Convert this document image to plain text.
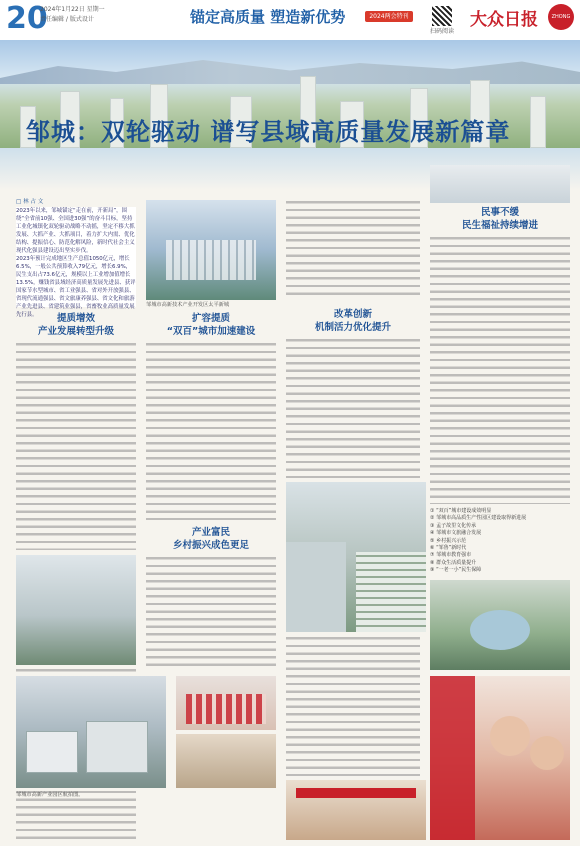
20
2024年1月22日 星期一
责任编辑 / 版式设计	锚定高质量 塑造新优势	2024两会特刊
扫码阅读
大众日报	ZHONG
邹城：双轮驱动 谱写县域高质量发展新篇章
□ 林 占 文
2023年以来，邹城锚定“走在前，开新局”，围绕“全省前10强、全国进30强”的奋斗目标，坚持工业化城镇化双轮驱动战略不动摇，坚定不移大抓发展、大抓产业、大抓项目，着力扩大内需、优化结构、提振信心、防范化解风险，新时代社会主义现代化强县建设迈出坚实步伐。
2023年预计完成地区生产总值1050亿元，增长6.5%，一般公共预算收入79亿元，增长6.9%，民生支出占73.6亿元，规模以上工业增加值增长13.5%，赚钱省县域经济高质量发展先进县、获评国家节水型城市、省工业强县、省对外开放强县、省现代流通强县、省文旅康养强县、省文化和旅游产业先进县、省建筑业强县，省畜牧业高质量发展先行县。	提质增效
产业发展转型升级
邹城市高新技术产业开发区太平新城
扩容提质
“双百”城市加速建设
产业富民
乡村振兴成色更足
改革创新
机制活力优化提升
民事不缓
民生福祉持续增进
① “双百”城市建设成效明显
② 邹城市高品质生产性园区建设取得新进展
③ 孟子故里文化传承
④ 邹城市文旅融合发展
⑤ 乡村振兴示范
⑥ “邹鲁”新时代
⑦ 邹城市教育强市
⑧ 群众生活质量提升
⑨ “一老一小”民生保障
邹城市高新产业园区航拍图。
